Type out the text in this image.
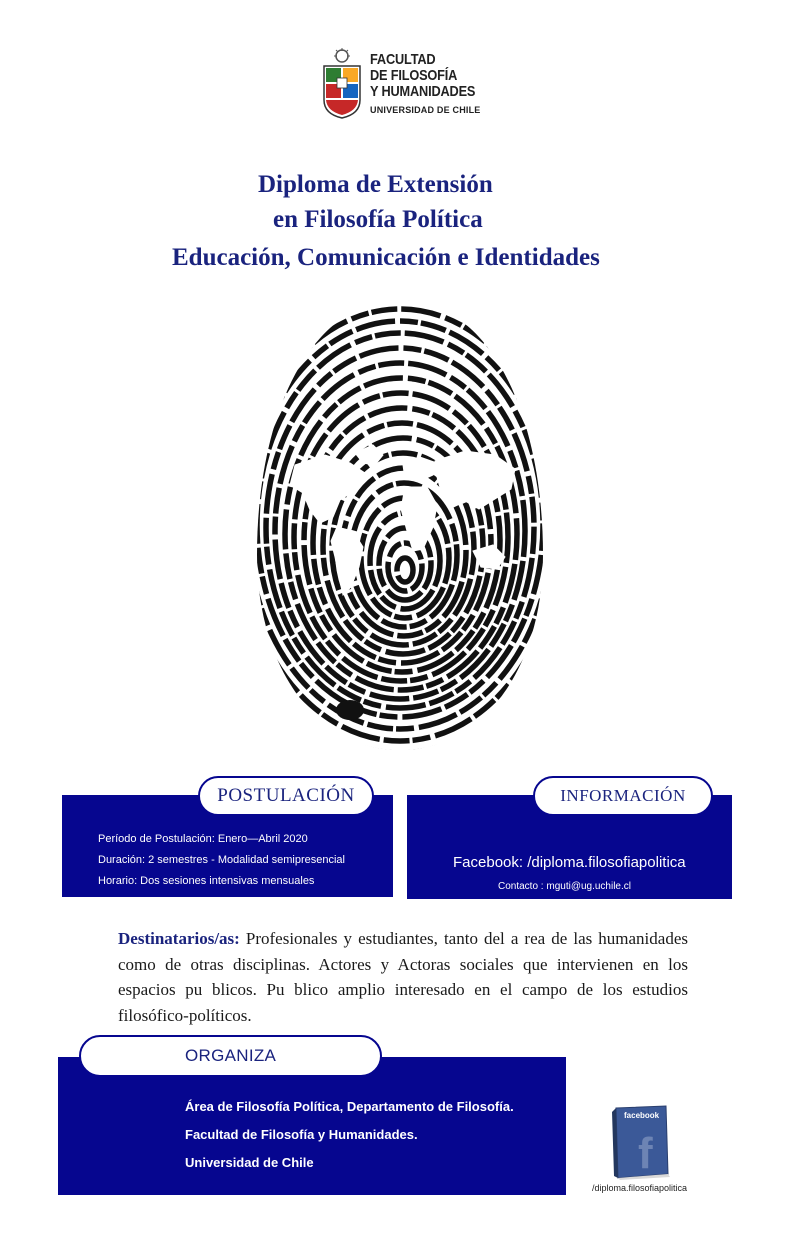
FACULTAD
DE FILOSOFÍA
Y HUMANIDADES
UNIVERSIDAD DE CHILE
Diploma de Extensión
en Filosofía Política
Educación, Comunicación e Identidades
Período de Postulación: Enero—Abril 2020
Duración: 2 semestres - Modalidad semipresencial
Horario: Dos sesiones intensivas mensuales
POSTULACIÓN
Facebook: /diploma.filosofiapolitica
Contacto : mguti@ug.uchile.cl
INFORMACIÓN
Destinatarios/as: Profesionales y estudiantes, tanto del a rea de las humanidades como de otras disciplinas. Actores y Actoras sociales que intervienen en los espacios pu blicos. Pu blico amplio interesado en el campo de los estudios filosófico-políticos.
Área de Filosofía Política, Departamento de Filosofía.
Facultad de Filosofía y Humanidades.
Universidad de Chile
ORGANIZA
facebook
f
/diploma.filosofiapolitica
